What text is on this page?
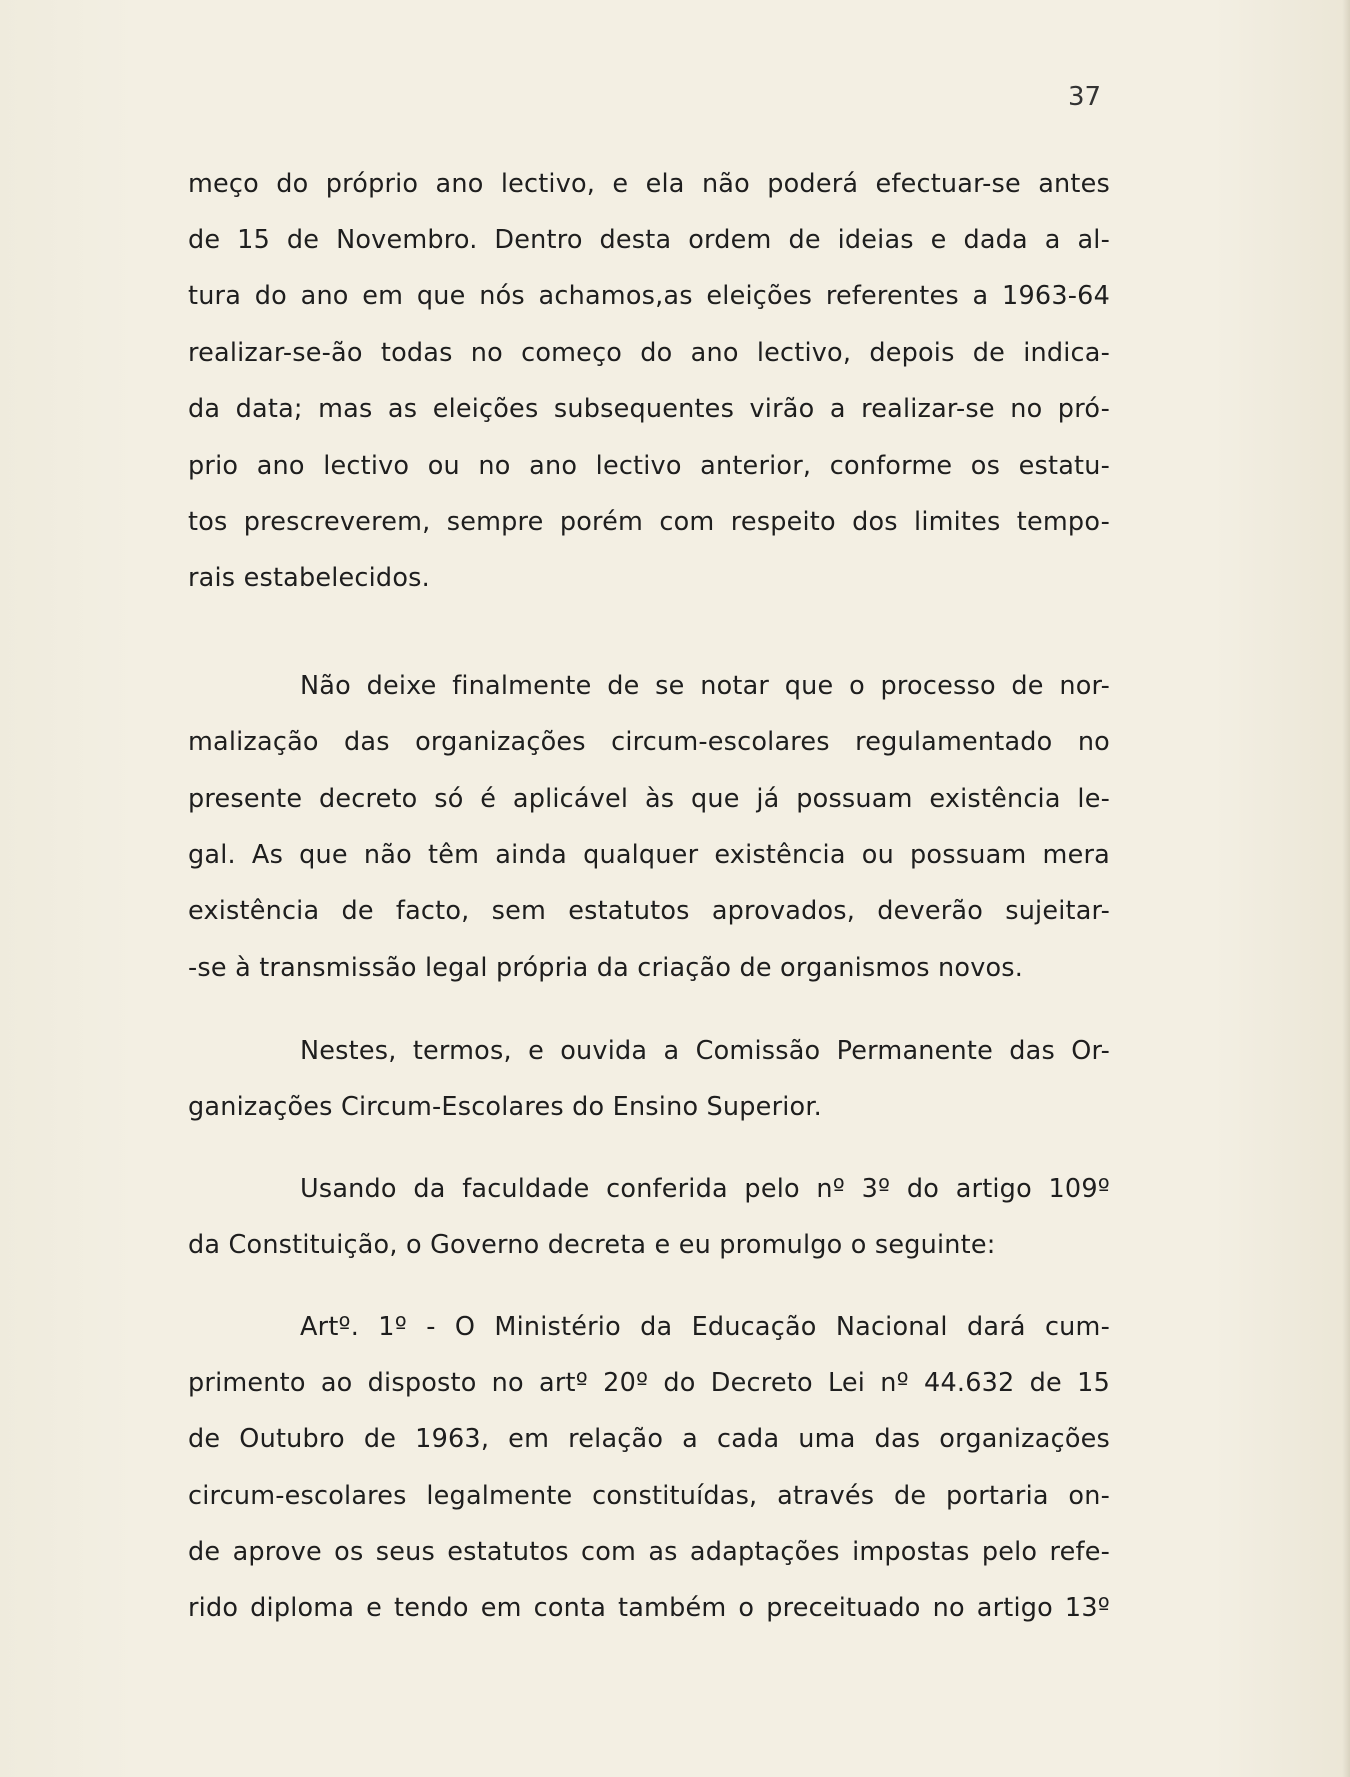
37
meço do próprio ano lectivo, e ela não poderá efectuar-se antes
de 15 de Novembro. Dentro desta ordem de ideias e dada a al-
tura do ano em que nós achamos,as eleições referentes a 1963-64
realizar-se-ão todas no começo do ano lectivo, depois de indica-
da data; mas as eleições subsequentes virão a realizar-se no pró-
prio ano lectivo ou no ano lectivo anterior, conforme os estatu-
tos prescreverem, sempre porém com respeito dos limites tempo-
rais estabelecidos.
Não deixe finalmente de se notar que o processo de nor-
malização das organizações circum-escolares regulamentado no
presente decreto só é aplicável às que já possuam existência le-
gal. As que não têm ainda qualquer existência ou possuam mera
existência de facto, sem estatutos aprovados, deverão sujeitar-
-se à transmissão legal própria da criação de organismos novos.
Nestes, termos, e ouvida a Comissão Permanente das Or-
ganizações Circum-Escolares do Ensino Superior.
Usando da faculdade conferida pelo nº 3º do artigo 109º
da Constituição, o Governo decreta e eu promulgo o seguinte:
Artº. 1º - O Ministério da Educação Nacional dará cum-
primento ao disposto no artº 20º do Decreto Lei nº 44.632 de 15
de Outubro de 1963, em relação a cada uma das organizações
circum-escolares legalmente constituídas, através de portaria on-
de aprove os seus estatutos com as adaptações impostas pelo refe-
rido diploma e tendo em conta também o preceituado no artigo 13º
